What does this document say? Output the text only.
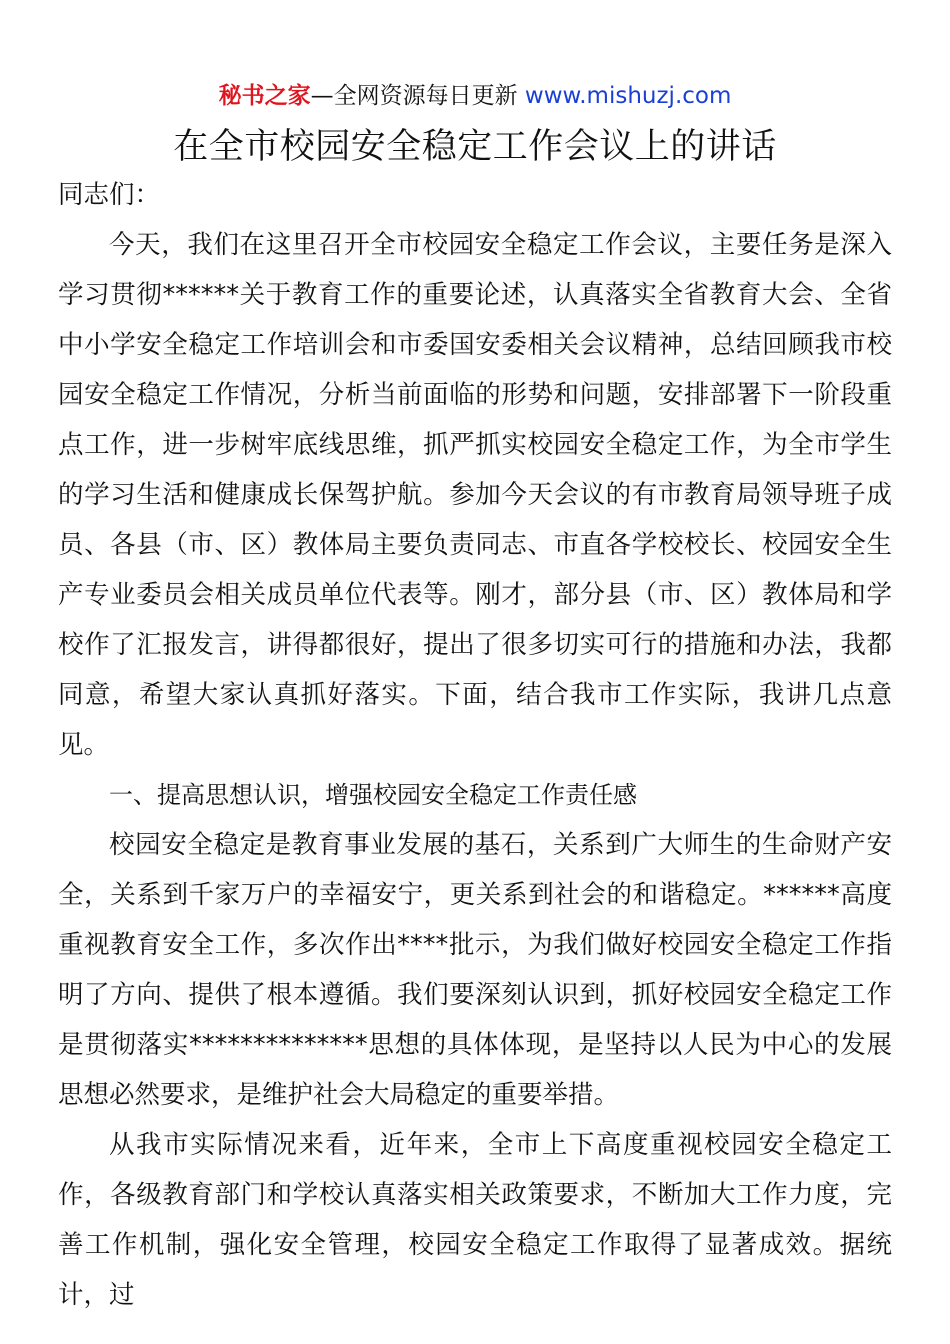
秘书之家—全网资源每日更新 www.mishuzj.com
在全市校园安全稳定工作会议上的讲话

同志们：

今天，我们在这里召开全市校园安全稳定工作会议，主要任务是深入学习贯彻******关于教育工作的重要论述，认真落实全省教育大会、全省中小学安全稳定工作培训会和市委国安委相关会议精神，总结回顾我市校园安全稳定工作情况，分析当前面临的形势和问题，安排部署下一阶段重点工作，进一步树牢底线思维，抓严抓实校园安全稳定工作，为全市学生的学习生活和健康成长保驾护航。参加今天会议的有市教育局领导班子成员、各县（市、区）教体局主要负责同志、市直各学校校长、校园安全生产专业委员会相关成员单位代表等。刚才，部分县（市、区）教体局和学校作了汇报发言，讲得都很好，提出了很多切实可行的措施和办法，我都同意，希望大家认真抓好落实。下面，结合我市工作实际，我讲几点意见。

一、提高思想认识，增强校园安全稳定工作责任感

校园安全稳定是教育事业发展的基石，关系到广大师生的生命财产安全，关系到千家万户的幸福安宁，更关系到社会的和谐稳定。******高度重视教育安全工作，多次作出****批示，为我们做好校园安全稳定工作指明了方向、提供了根本遵循。我们要深刻认识到，抓好校园安全稳定工作是贯彻落实**************思想的具体体现，是坚持以人民为中心的发展思想必然要求，是维护社会大局稳定的重要举措。

从我市实际情况来看，近年来，全市上下高度重视校园安全稳定工作，各级教育部门和学校认真落实相关政策要求，不断加大工作力度，完善工作机制，强化安全管理，校园安全稳定工作取得了显著成效。据统计，过
